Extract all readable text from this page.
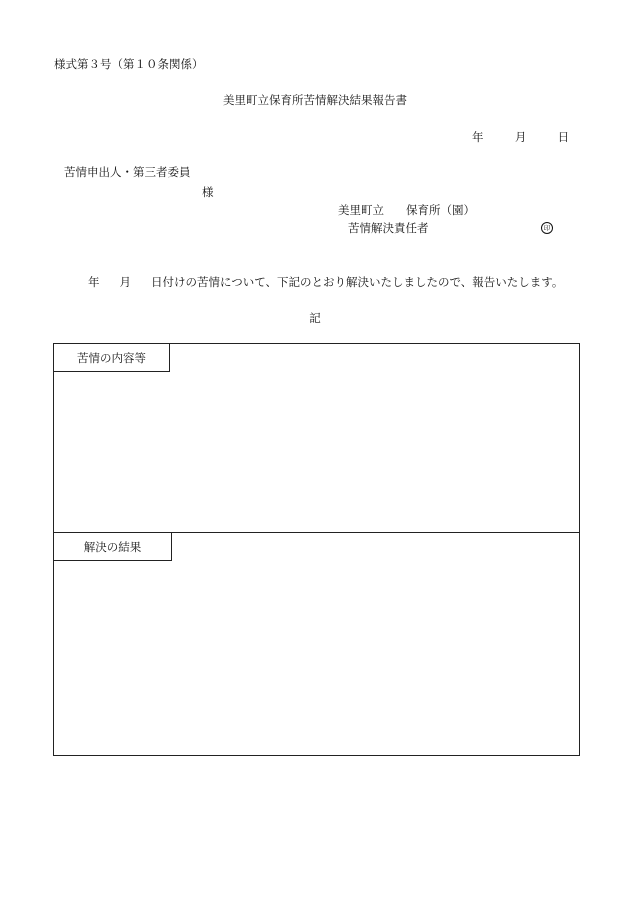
様式第３号（第１０条関係）
美里町立保育所苦情解決結果報告書
年	月	日
苦情申出人・第三者委員
様
美里町立 保育所（園）
苦情解決責任者	印
年 月 日付けの苦情について、下記のとおり解決いたしましたので、報告いたします。
記
苦情の内容等
解決の結果
